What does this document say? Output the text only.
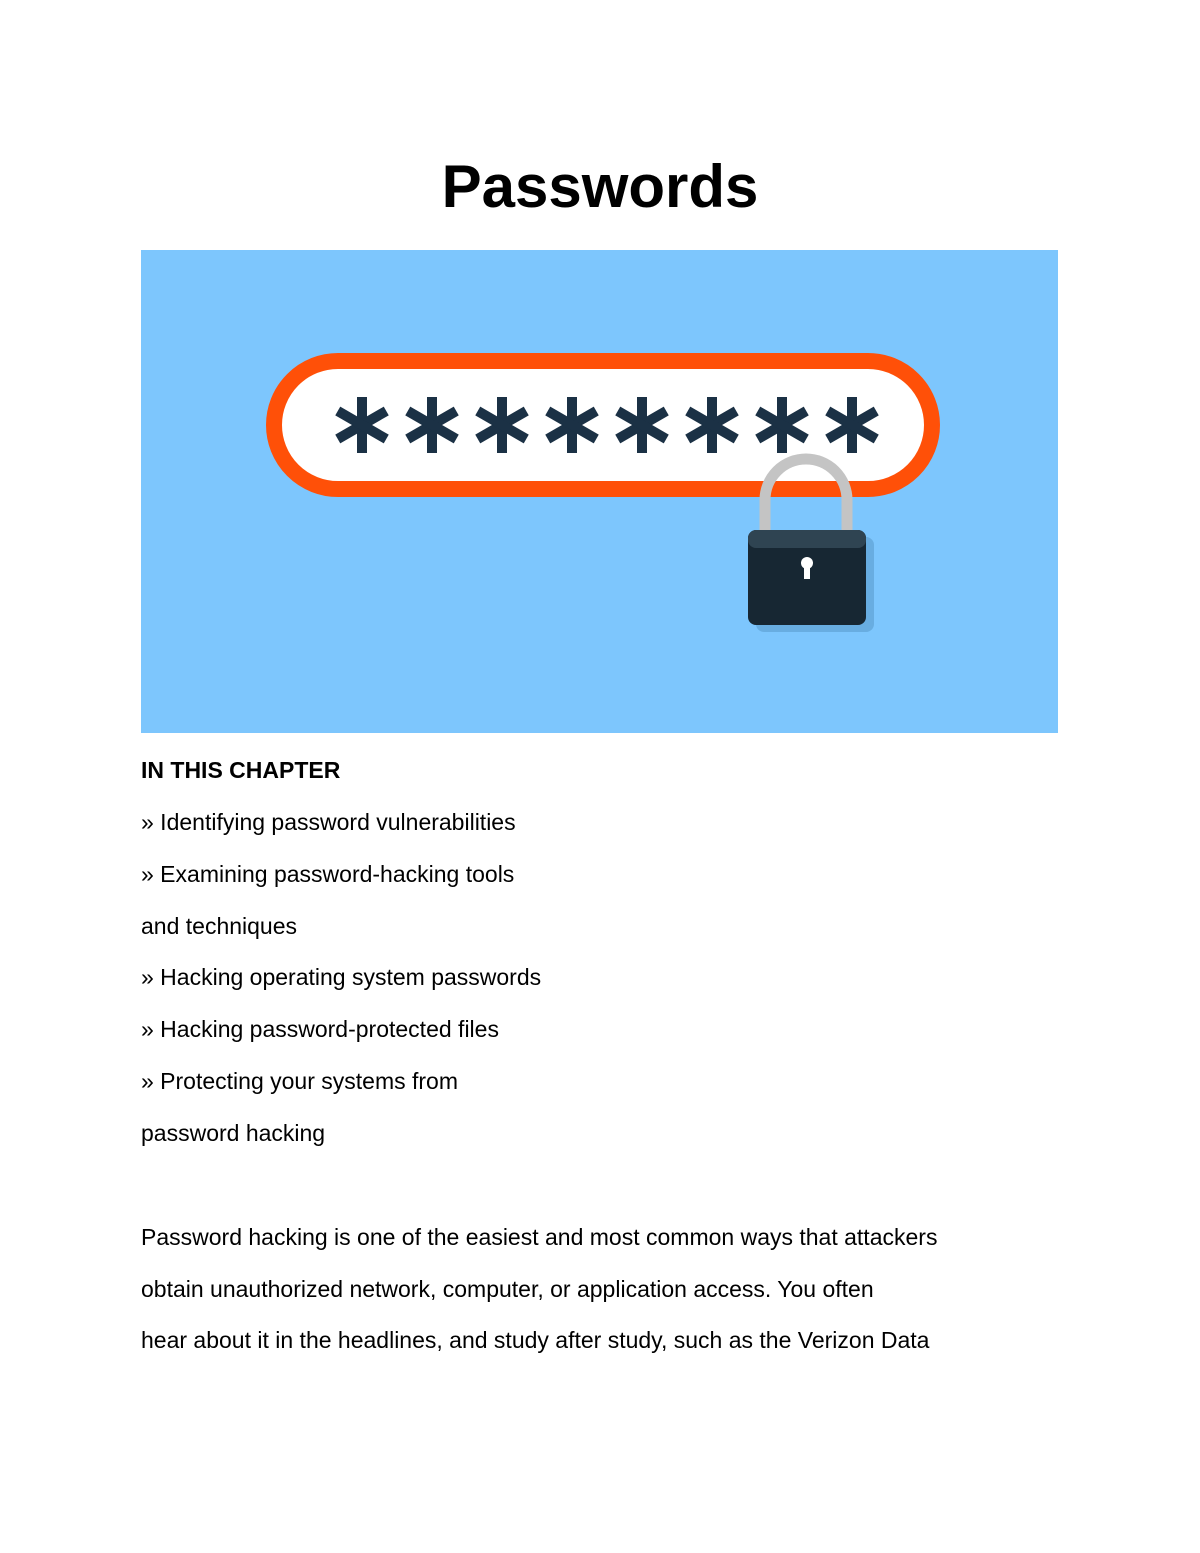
Passwords
IN THIS CHAPTER
» Identifying password vulnerabilities
» Examining password-hacking tools
and techniques
» Hacking operating system passwords
» Hacking password-protected files
» Protecting your systems from
password hacking
Password hacking is one of the easiest and most common ways that attackers
obtain unauthorized network, computer, or application access. You often
hear about it in the headlines, and study after study, such as the Verizon Data
